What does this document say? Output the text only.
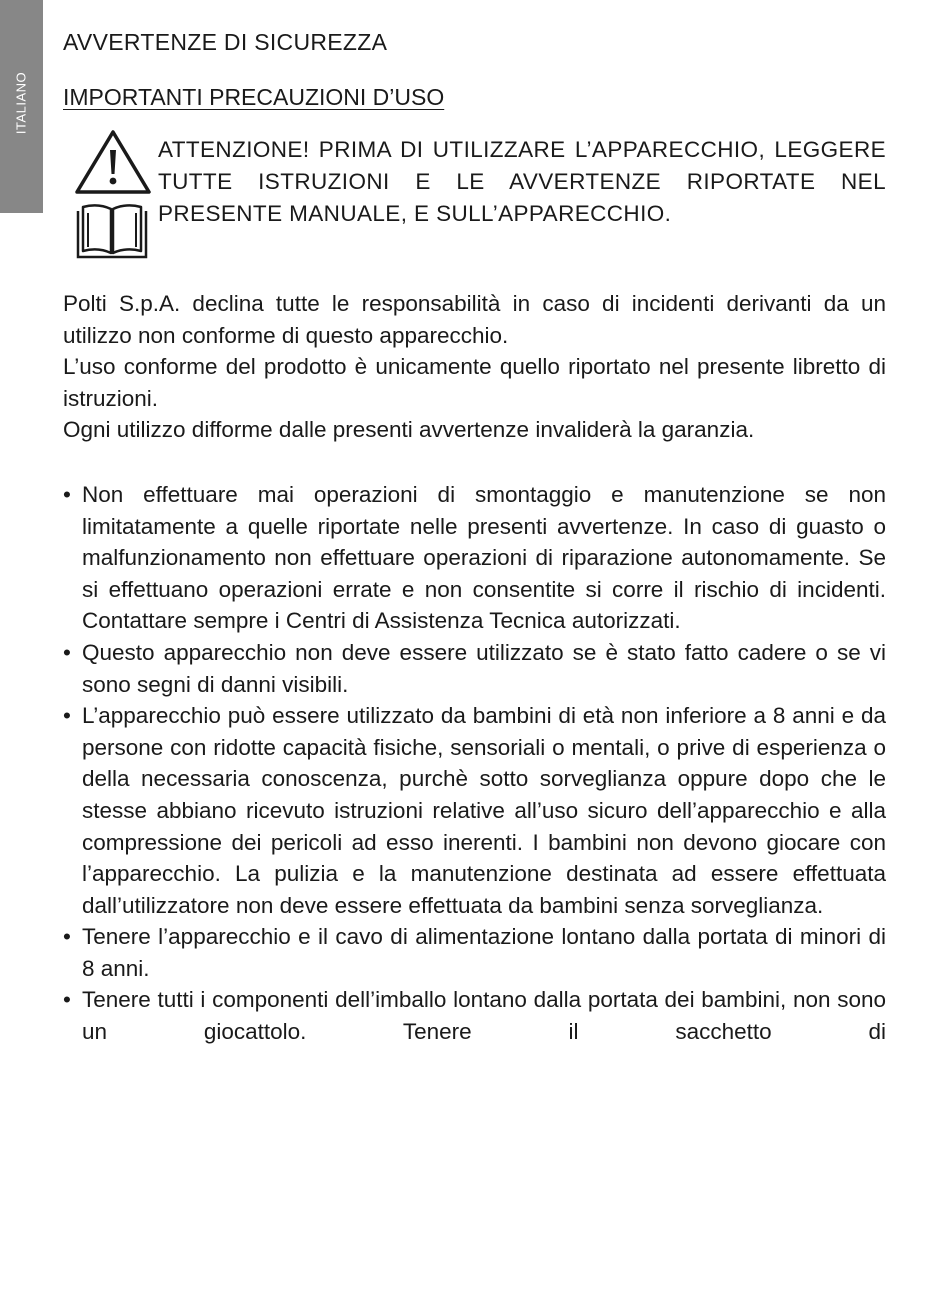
ITALIANO
AVVERTENZE DI SICUREZZA
IMPORTANTI PRECAUZIONI D’USO
ATTENZIONE! PRIMA DI UTILIZZARE L’APPARECCHIO, LEGGERE TUTTE ISTRUZIONI E LE AVVERTENZE RIPORTATE NEL PRESENTE MANUALE, E SULL’APPARECCHIO.

Polti S.p.A. declina tutte le responsabilità in caso di incidenti derivanti da un utilizzo non conforme di questo apparecchio.

L’uso conforme del prodotto è unicamente quello riportato nel presente libretto di istruzioni.

Ogni utilizzo difforme dalle presenti avvertenze invaliderà la garanzia.

• Non effettuare mai operazioni di smontaggio e manutenzione se non limitatamente a quelle riportate nelle presenti avvertenze. In caso di guasto o malfunzionamento non effettuare operazioni di riparazione autonomamente. Se si effettuano operazioni errate e non consentite si corre il rischio di incidenti. Contattare sempre i Centri di Assistenza Tecnica autorizzati.
• Questo apparecchio non deve essere utilizzato se è stato fatto cadere o se vi sono segni di danni visibili.
• L’apparecchio può essere utilizzato da bambini di età non inferiore a 8 anni e da persone con ridotte capacità fisiche, sensoriali o mentali, o prive di esperienza o della necessaria conoscenza, purchè sotto sorveglianza oppure dopo che le stesse abbiano ricevuto istruzioni relative all’uso sicuro dell’apparecchio e alla compressione dei pericoli ad esso inerenti. I bambini non devono giocare con l’apparecchio. La pulizia e la manutenzione destinata ad essere effettuata dall’utilizzatore non deve essere effettuata da bambini senza sorveglianza.
• Tenere l’apparecchio e il cavo di alimentazione lontano dalla portata di minori di 8 anni.
• Tenere tutti i componenti dell’imballo lontano dalla portata dei bambini, non sono un giocattolo. Tenere il sacchetto di
